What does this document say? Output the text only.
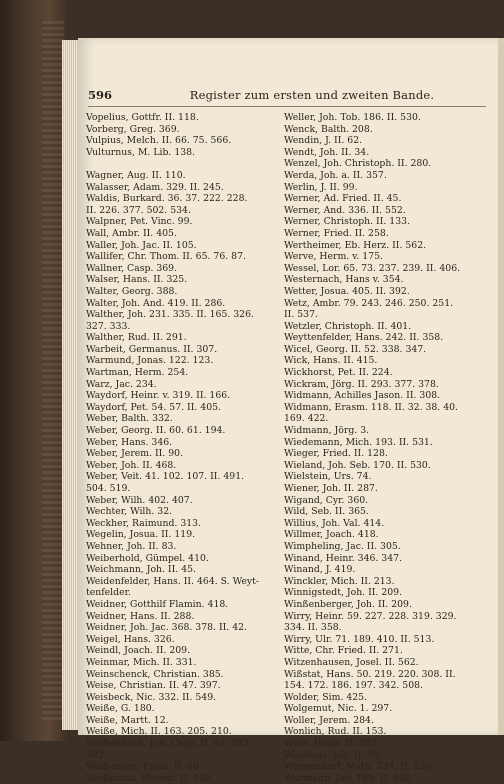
596	Register zum ersten und zweiten Bande.
Vopelius, Gottfr. II. 118.
Vorberg, Greg. 369.
Vulpius, Melch. II. 66. 75. 566.
Vulturnus, M. Lib. 138.

Wagner, Aug. II. 110.
Walasser, Adam. 329. II. 245.
Waldis, Burkard. 36. 37. 222. 228.
II. 226. 377. 502. 534.
Walpner, Pet. Vinc. 99.
Wall, Ambr. II. 405.
Waller, Joh. Jac. II. 105.
Wallifer, Chr. Thom. II. 65. 76. 87.
Wallner, Casp. 369.
Walser, Hans. II. 325.
Walter, Georg. 388.
Walter, Joh. And. 419. II. 286.
Walther, Joh. 231. 335. II. 165. 326.
327. 333.
Walther, Rud. II. 291.
Warbeit, Germanus. II. 307.
Warmund, Jonas. 122. 123.
Wartman, Herm. 254.
Warz, Jac. 234.
Waydorf, Heinr. v. 319. II. 166.
Waydorf, Pet. 54. 57. II. 405.
Weber, Balth. 332.
Weber, Georg. II. 60. 61. 194.
Weber, Hans. 346.
Weber, Jerem. II. 90.
Weber, Joh. II. 468.
Weber, Veit. 41. 102. 107. II. 491.
504. 519.
Weber, Wilh. 402. 407.
Wechter, Wilh. 32.
Weckher, Raimund. 313.
Wegelin, Josua. II. 119.
Wehner, Joh. II. 83.
Weiberhold, Gümpel. 410.
Weichmann, Joh. II. 45.
Weidenfelder, Hans. II. 464. S. Weyt-
tenfelder.
Weidner, Gotthilf Flamin. 418.
Weidner, Hans. II. 288.
Weidner, Joh. Jac. 368. 378. II. 42.
Weigel, Hans. 326.
Weindl, Joach. II. 209.
Weinmar, Mich. II. 331.
Weinschenck, Christian. 385.
Weise, Christian. II. 47. 397.
Weisbeck, Nic. 332. II. 549.
Weiße, G. 180.
Weiße, Martt. 12.
Weiße, Mich. II. 163. 205. 210.
Weißenbach, Joh. Casp. II. 48. 293.
392.
Weißensee, Fried. II. 60.
Weißmann, Ehrenr. II. 108.
Weller, Joh. Tob. 186. II. 530.
Wenck, Balth. 208.
Wendin, J. II. 62.
Wendt, Joh. II. 34.
Wenzel, Joh. Christoph. II. 280.
Werda, Joh. a. II. 357.
Werlin, J. II. 99.
Werner, Ad. Fried. II. 45.
Werner, And. 336. II. 552.
Werner, Christoph. II. 133.
Werner, Fried. II. 258.
Wertheimer, Eb. Herz. II. 562.
Werve, Herm. v. 175.
Wessel, Lor. 65. 73. 237. 239. II. 406.
Westernach, Hans v. 354.
Wetter, Josua. 405. II. 392.
Wetz, Ambr. 79. 243. 246. 250. 251.
II. 537.
Wetzler, Christoph. II. 401.
Weyttenfelder, Hans. 242. II. 358.
Wicel, Georg. II. 52. 338. 347.
Wick, Hans. II. 415.
Wickhorst, Pet. II. 224.
Wickram, Jörg. II. 293. 377. 378.
Widmann, Achilles Jason. II. 308.
Widmann, Erasm. 118. II. 32. 38. 40.
169. 422.
Widmann, Jörg. 3.
Wiedemann, Mich. 193. II. 531.
Wieger, Fried. II. 128.
Wieland, Joh. Seb. 170. II. 530.
Wielstein, Urs. 74.
Wiener, Joh. II. 287.
Wigand, Cyr. 360.
Wild, Seb. II. 365.
Willius, Joh. Val. 414.
Willmer, Joach. 418.
Wimpheling, Jac. II. 305.
Winand, Heinr. 346. 347.
Winand, J. 419.
Winckler, Mich. II. 213.
Winnigstedt, Joh. II. 209.
Winßenberger, Joh. II. 209.
Wirry, Heinr. 59. 227. 228. 319. 329.
334. II. 358.
Wirry, Ulr. 71. 189. 410. II. 513.
Witte, Chr. Fried. II. 271.
Witzenhausen, Josel. II. 562.
Wißstat, Hans. 50. 219. 220. 308. II.
154. 172. 186. 197. 342. 508.
Wolder, Sim. 425.
Wolgemut, Nic. 1. 297.
Woller, Jerem. 284.
Wonlich, Rud. II. 153.
Wüst, Heinr. II. 287.
Wüsthols, Joh. II. 79.
Wurgendorf, Math. 234. II. 535.
Wurmann, Jac. 189. II. 530.
